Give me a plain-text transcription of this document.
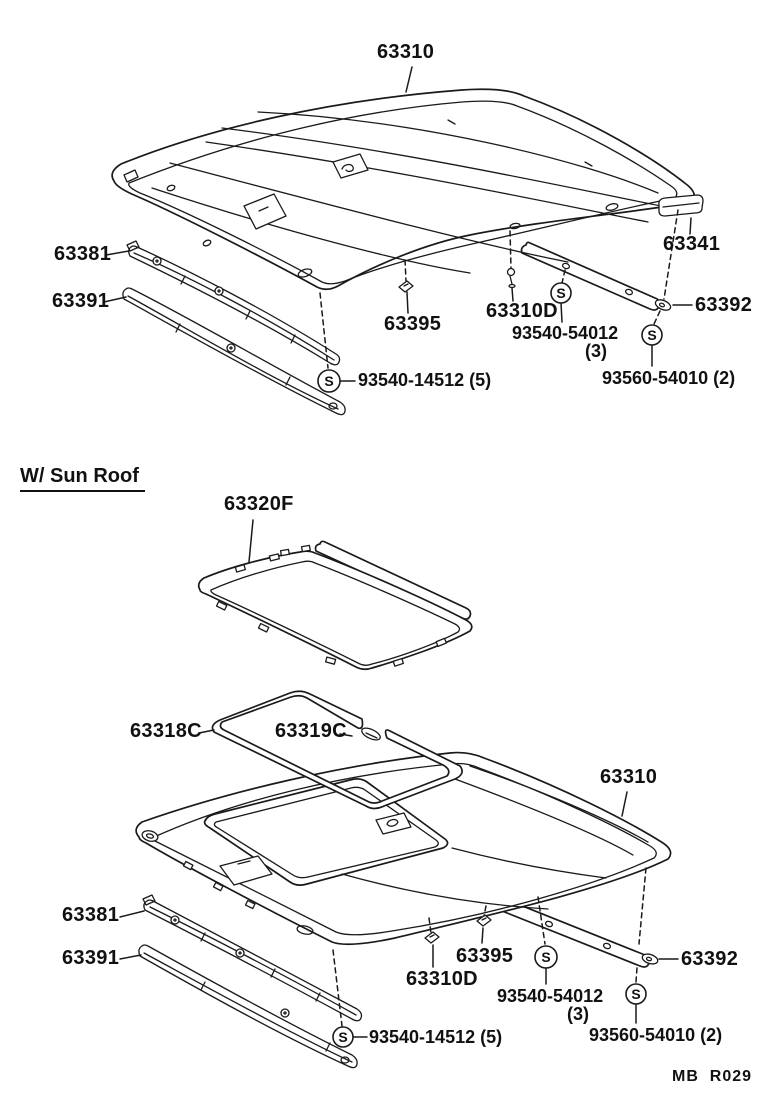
S
S
S
S
S
S
63310
63381
63391
63395
63310D
93540-54012
(3)
63341
63392
93560-54010 (2)
93540-14512 (5)
W/ Sun Roof
63320F
63318C	63319C
63310
63381
63391	63395
63310D
93540-54012
(3)
63392
93560-54010 (2)
93540-14512 (5)
MB  R029
